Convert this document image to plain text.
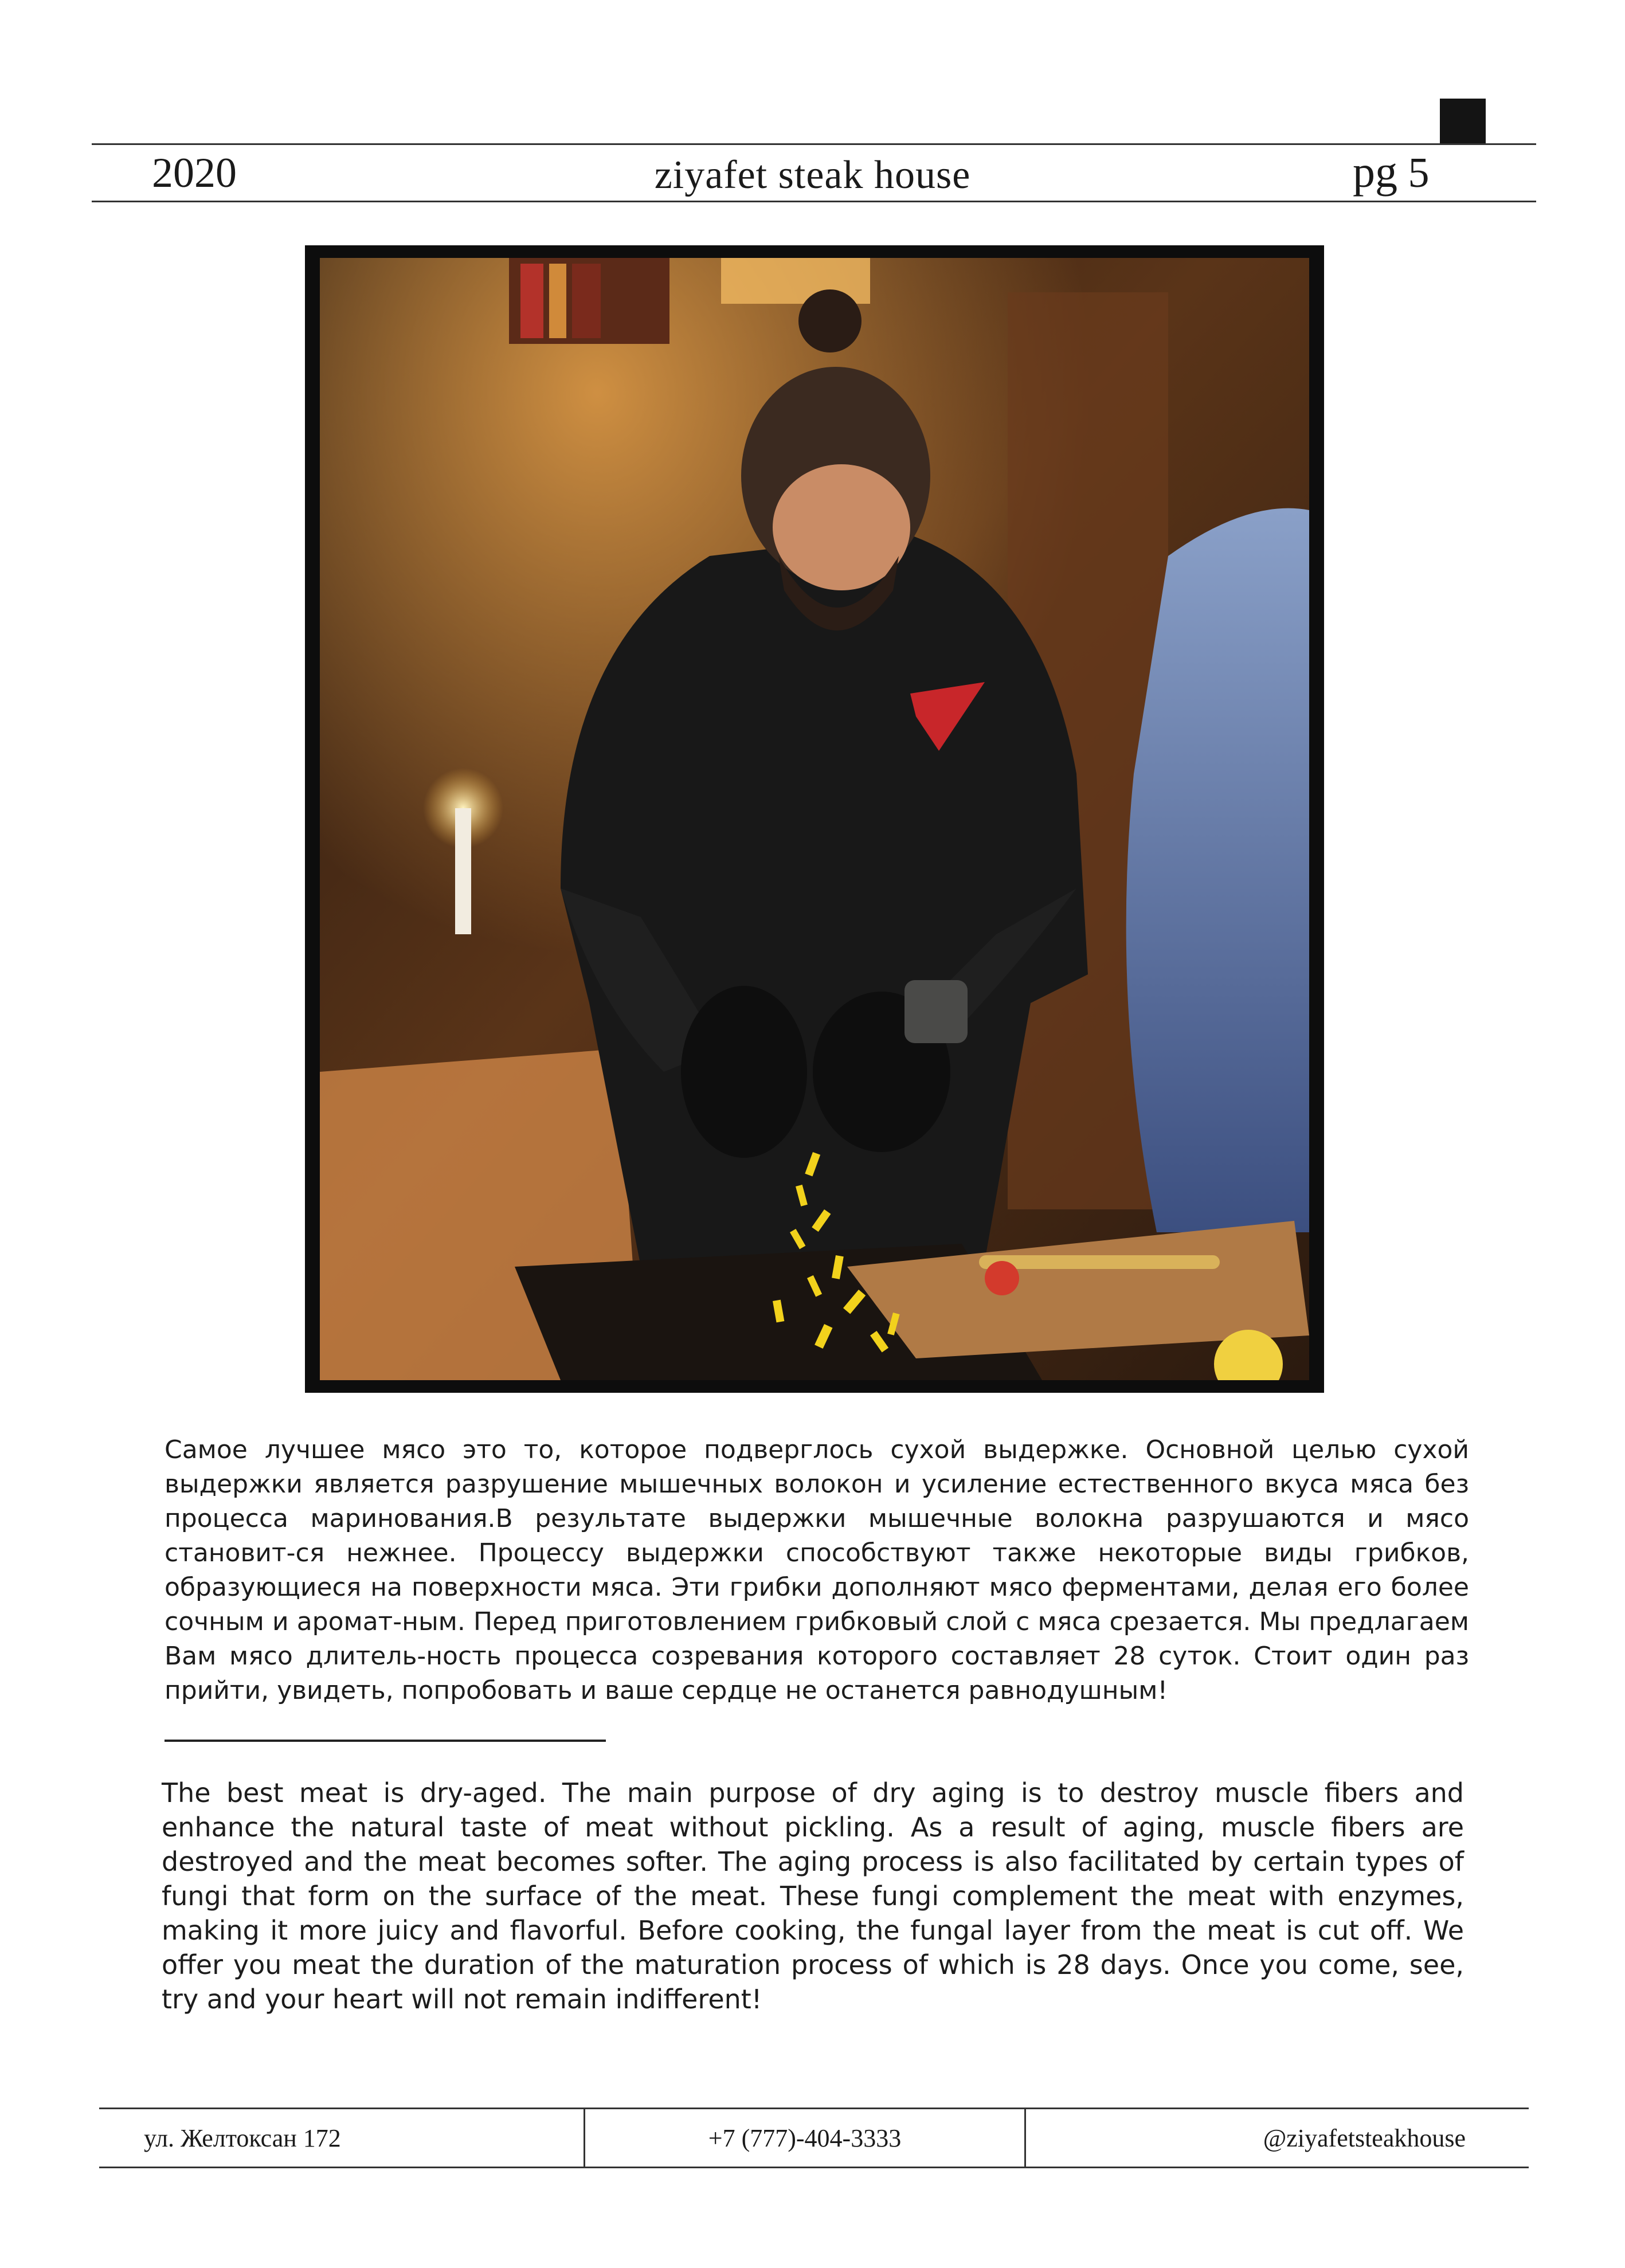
2020	ziyafet steak house	pg 5

Самое лучшее мясо это то, которое подверглось сухой выдержке. Основной целью сухой выдержки является разрушение мышечных волокон и усиление естественного вкуса мяса без процесса маринования.В результате выдержки мышечные волокна разрушаются и мясо становит-ся нежнее. Процессу выдержки способствуют также некоторые виды грибков, образующиеся на поверхности мяса. Эти грибки дополняют мясо ферментами, делая его более сочным и аромат-ным. Перед приготовлением грибковый слой с мяса срезается. Мы предлагаем Вам мясо длитель-ность процесса созревания которого составляет 28 суток. Стоит один раз прийти, увидеть, попробовать и ваше сердце не останется равнодушным!

The best meat is dry-aged. The main purpose of dry aging is to destroy muscle fibers and enhance the natural taste of meat without pickling. As a result of aging, muscle fibers are destroyed and the meat becomes softer. The aging process is also facilitated by certain types of fungi that form on the surface of the meat. These fungi complement the meat with enzymes, making it more juicy and flavorful. Before cooking, the fungal layer from the meat is cut off. We offer you meat the duration of the maturation process of which is 28 days. Once you come, see, try and your heart will not remain indifferent!

ул. Желтоксан 172	+7 (777)-404-3333	@ziyafetsteakhouse
